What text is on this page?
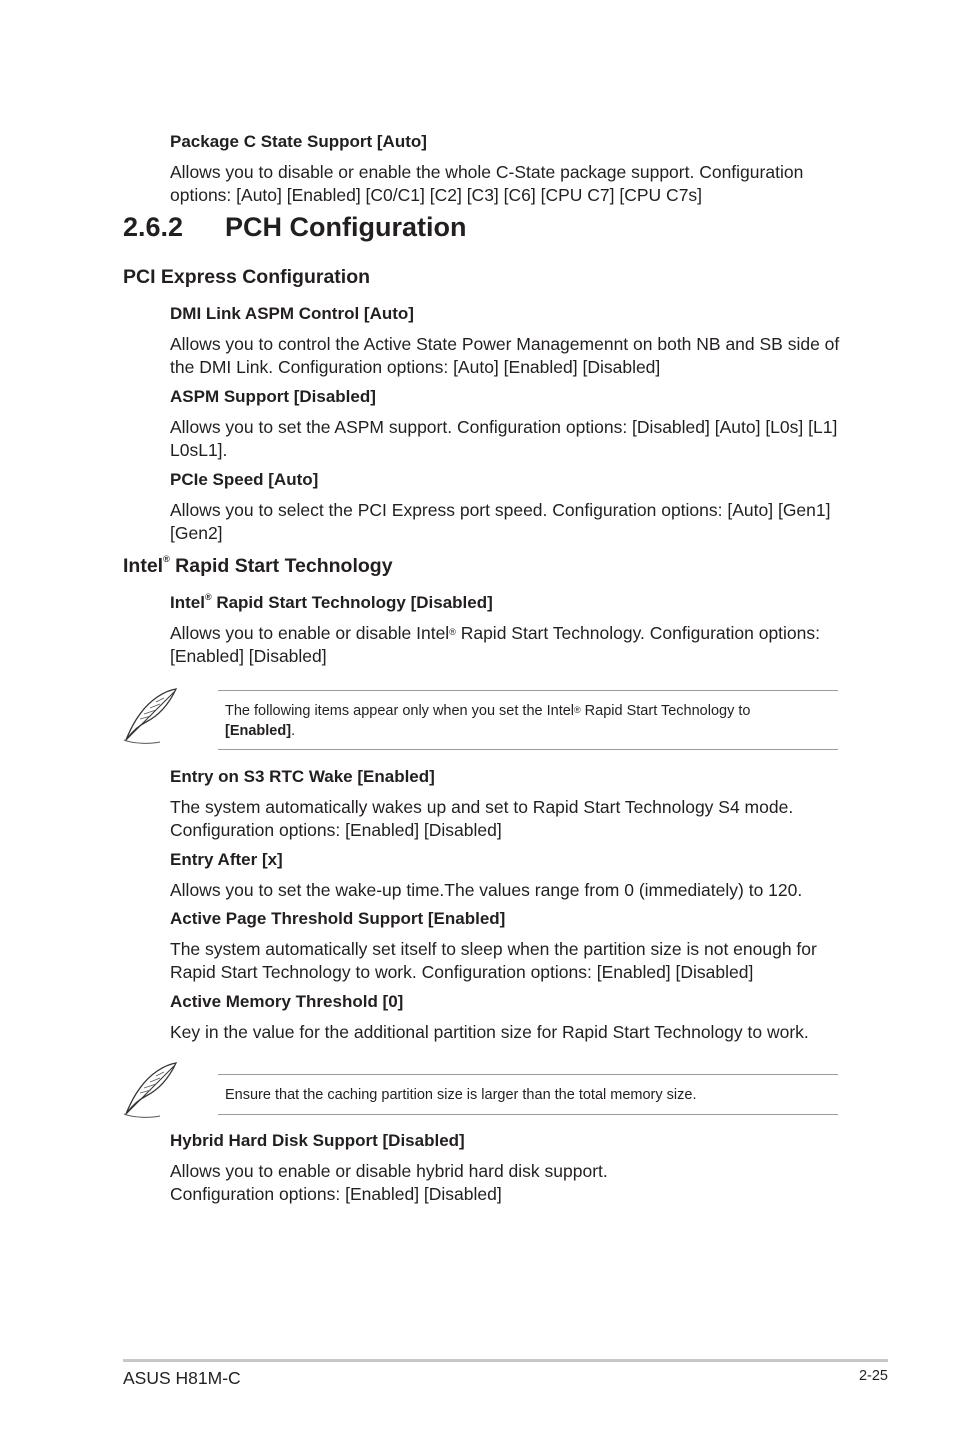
Package C State Support [Auto]
Allows you to disable or enable the whole C-State package support. Configuration
options: [Auto] [Enabled] [C0/C1] [C2] [C3] [C6] [CPU C7] [CPU C7s]
2.6.2 PCH Configuration
PCI Express Configuration
DMI Link ASPM Control [Auto]
Allows you to control the Active State Power Managemennt on both NB and SB side of
the DMI Link. Configuration options: [Auto] [Enabled] [Disabled]
ASPM Support [Disabled]
Allows you to set the ASPM support. Configuration options: [Disabled] [Auto] [L0s] [L1]
L0sL1].
PCIe Speed [Auto]
Allows you to select the PCI Express port speed. Configuration options: [Auto] [Gen1]
[Gen2]
Intel® Rapid Start Technology
Intel® Rapid Start Technology [Disabled]
Allows you to enable or disable Intel® Rapid Start Technology. Configuration options:
[Enabled] [Disabled]
The following items appear only when you set the Intel® Rapid Start Technology to
[Enabled].
Entry on S3 RTC Wake [Enabled]
The system automatically wakes up and set to Rapid Start Technology S4 mode.
Configuration options: [Enabled] [Disabled]
Entry After [x]
Allows you to set the wake-up time.The values range from 0 (immediately) to 120.
Active Page Threshold Support [Enabled]
The system automatically set itself to sleep when the partition size is not enough for
Rapid Start Technology to work. Configuration options: [Enabled] [Disabled]
Active Memory Threshold [0]
Key in the value for the additional partition size for Rapid Start Technology to work.
Ensure that the caching partition size is larger than the total memory size.
Hybrid Hard Disk Support [Disabled]
Allows you to enable or disable hybrid hard disk support.
Configuration options: [Enabled] [Disabled]
ASUS H81M-C	2-25
